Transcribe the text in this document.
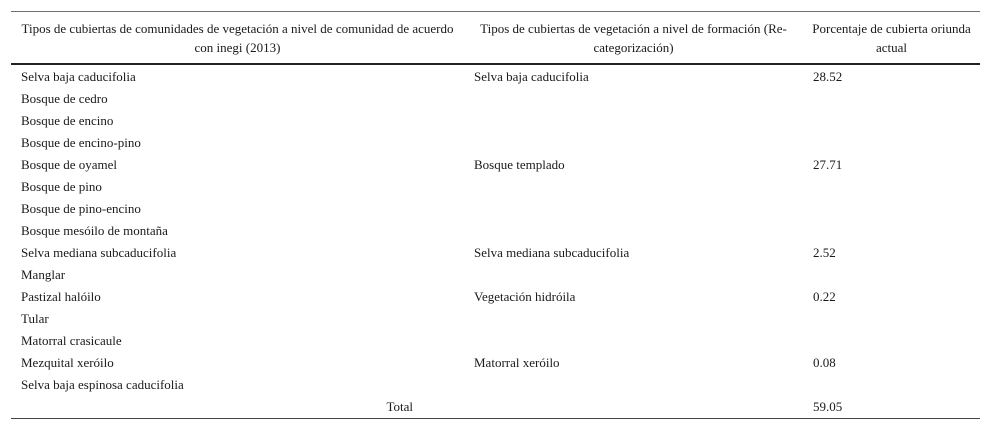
Tipos de cubiertas de comunidades de vegetación a nivel de comunidad de acuerdo con inegi (2013)	Tipos de cubiertas de vegetación a nivel de formación (Re-categorización)	Porcentaje de cubierta oriunda actual
Selva baja caducifolia	Selva baja caducifolia	28.52
Bosque de cedro		
Bosque de encino		
Bosque de encino-pino		
Bosque de oyamel	Bosque templado	27.71
Bosque de pino		
Bosque de pino-encino		
Bosque mesóilo de montaña		
Selva mediana subcaducifolia	Selva mediana subcaducifolia	2.52
Manglar		
Pastizal halóilo	Vegetación hidróila	0.22
Tular		
Matorral crasicaule		
Mezquital xeróilo	Matorral xeróilo	0.08
Selva baja espinosa caducifolia		
Total		59.05
